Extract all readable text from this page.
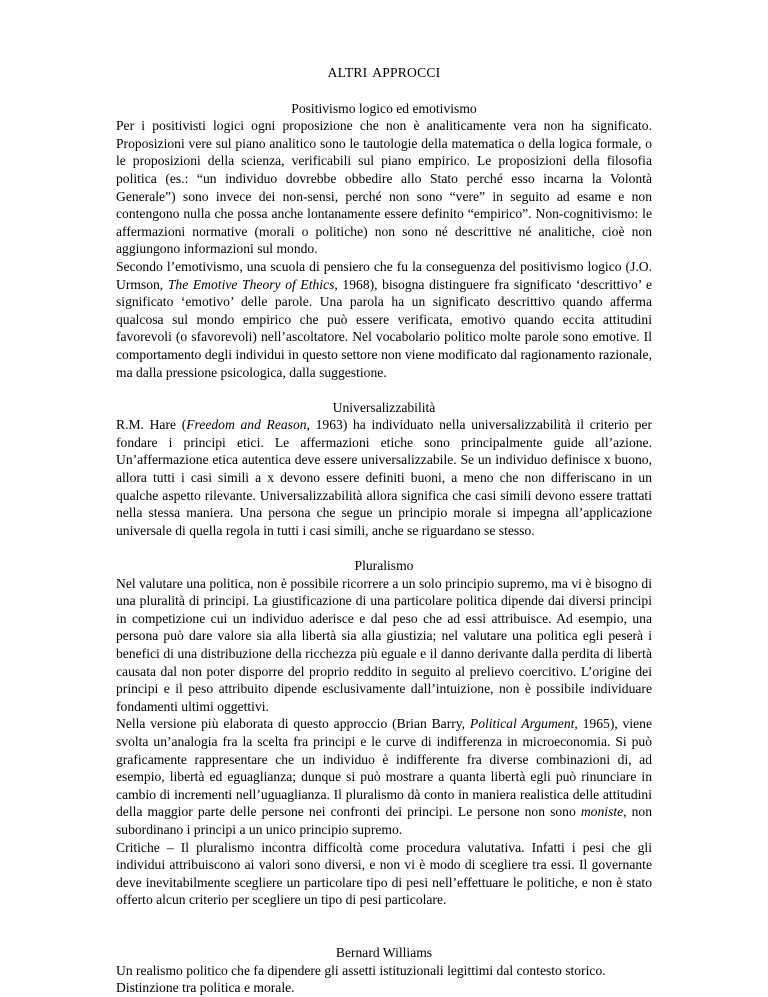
ALTRI APPROCCI
Positivismo logico ed emotivismo

Per i positivisti logici ogni proposizione che non è analiticamente vera non ha significato. Proposizioni vere sul piano analitico sono le tautologie della matematica o della logica formale, o le proposizioni della scienza, verificabili sul piano empirico. Le proposizioni della filosofia politica (es.: “un individuo dovrebbe obbedire allo Stato perché esso incarna la Volontà Generale”) sono invece dei non-sensi, perché non sono “vere” in seguito ad esame e non contengono nulla che possa anche lontanamente essere definito “empirico”. Non-cognitivismo: le affermazioni normative (morali o politiche) non sono né descrittive né analitiche, cioè non aggiungono informazioni sul mondo.

Secondo l’emotivismo, una scuola di pensiero che fu la conseguenza del positivismo logico (J.O. Urmson, The Emotive Theory of Ethics, 1968), bisogna distinguere fra significato ‘descrittivo’ e significato ‘emotivo’ delle parole. Una parola ha un significato descrittivo quando afferma qualcosa sul mondo empirico che può essere verificata, emotivo quando eccita attitudini favorevoli (o sfavorevoli) nell’ascoltatore. Nel vocabolario politico molte parole sono emotive. Il comportamento degli individui in questo settore non viene modificato dal ragionamento razionale, ma dalla pressione psicologica, dalla suggestione.

Universalizzabilità

R.M. Hare (Freedom and Reason, 1963) ha individuato nella universalizzabilità il criterio per fondare i principi etici. Le affermazioni etiche sono principalmente guide all’azione. Un’affermazione etica autentica deve essere universalizzabile. Se un individuo definisce x buono, allora tutti i casi simili a x devono essere definiti buoni, a meno che non differiscano in un qualche aspetto rilevante. Universalizzabilità allora significa che casi simili devono essere trattati nella stessa maniera. Una persona che segue un principio morale si impegna all’applicazione universale di quella regola in tutti i casi simili, anche se riguardano se stesso.

Pluralismo

Nel valutare una politica, non è possibile ricorrere a un solo principio supremo, ma vi è bisogno di una pluralità di principi. La giustificazione di una particolare politica dipende dai diversi principi in competizione cui un individuo aderisce e dal peso che ad essi attribuisce. Ad esempio, una persona può dare valore sia alla libertà sia alla giustizia; nel valutare una politica egli peserà i benefici di una distribuzione della ricchezza più eguale e il danno derivante dalla perdita di libertà causata dal non poter disporre del proprio reddito in seguito al prelievo coercitivo. L’origine dei principi e il peso attribuito dipende esclusivamente dall’intuizione, non è possibile individuare fondamenti ultimi oggettivi.

Nella versione più elaborata di questo approccio (Brian Barry, Political Argument, 1965), viene svolta un’analogia fra la scelta fra principi e le curve di indifferenza in microeconomia. Si può graficamente rappresentare che un individuo è indifferente fra diverse combinazioni di, ad esempio, libertà ed eguaglianza; dunque si può mostrare a quanta libertà egli può rinunciare in cambio di incrementi nell’uguaglianza. Il pluralismo dà conto in maniera realistica delle attitudini della maggior parte delle persone nei confronti dei principi. Le persone non sono moniste, non subordinano i principi a un unico principio supremo.

Critiche – Il pluralismo incontra difficoltà come procedura valutativa. Infatti i pesi che gli individui attribuiscono ai valori sono diversi, e non vi è modo di scegliere tra essi. Il governante deve inevitabilmente scegliere un particolare tipo di pesi nell’effettuare le politiche, e non è stato offerto alcun criterio per scegliere un tipo di pesi particolare.

Bernard Williams

Un realismo politico che fa dipendere gli assetti istituzionali legittimi dal contesto storico.

Distinzione tra politica e morale.
